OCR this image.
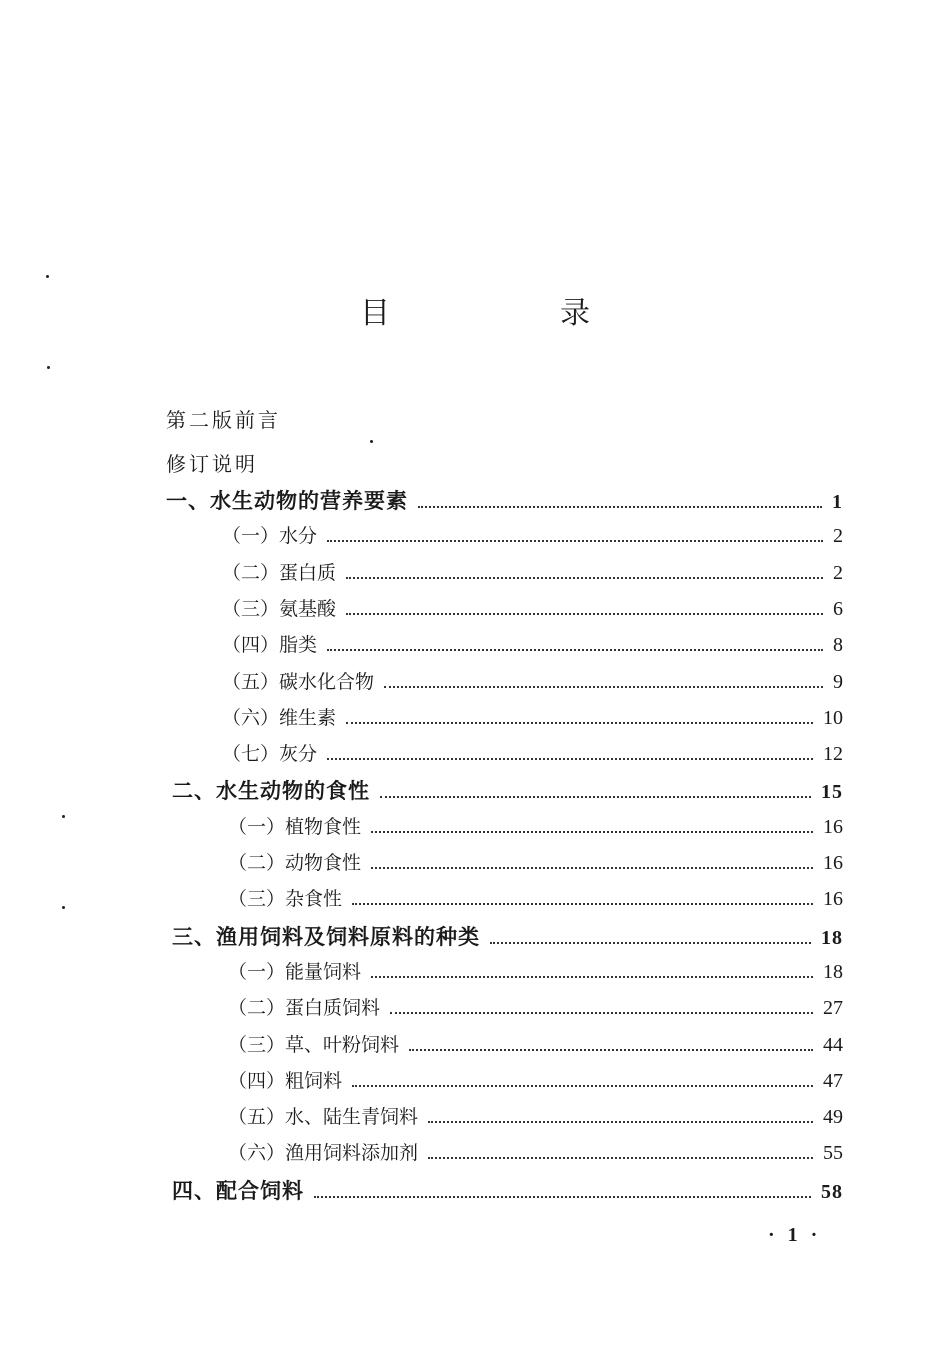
目　录
第二版前言
修订说明
一、水生动物的营养要素	1
（一）水分	2
（二）蛋白质	2
（三）氨基酸	6
（四）脂类	8
（五）碳水化合物	9
（六）维生素	10
（七）灰分	12
二、水生动物的食性	15
（一）植物食性	16
（二）动物食性	16
（三）杂食性	16
三、渔用饲料及饲料原料的种类	18
（一）能量饲料	18
（二）蛋白质饲料	27
（三）草、叶粉饲料	44
（四）粗饲料	47
（五）水、陆生青饲料	49
（六）渔用饲料添加剂	55
四、配合饲料	58
· 1 ·
